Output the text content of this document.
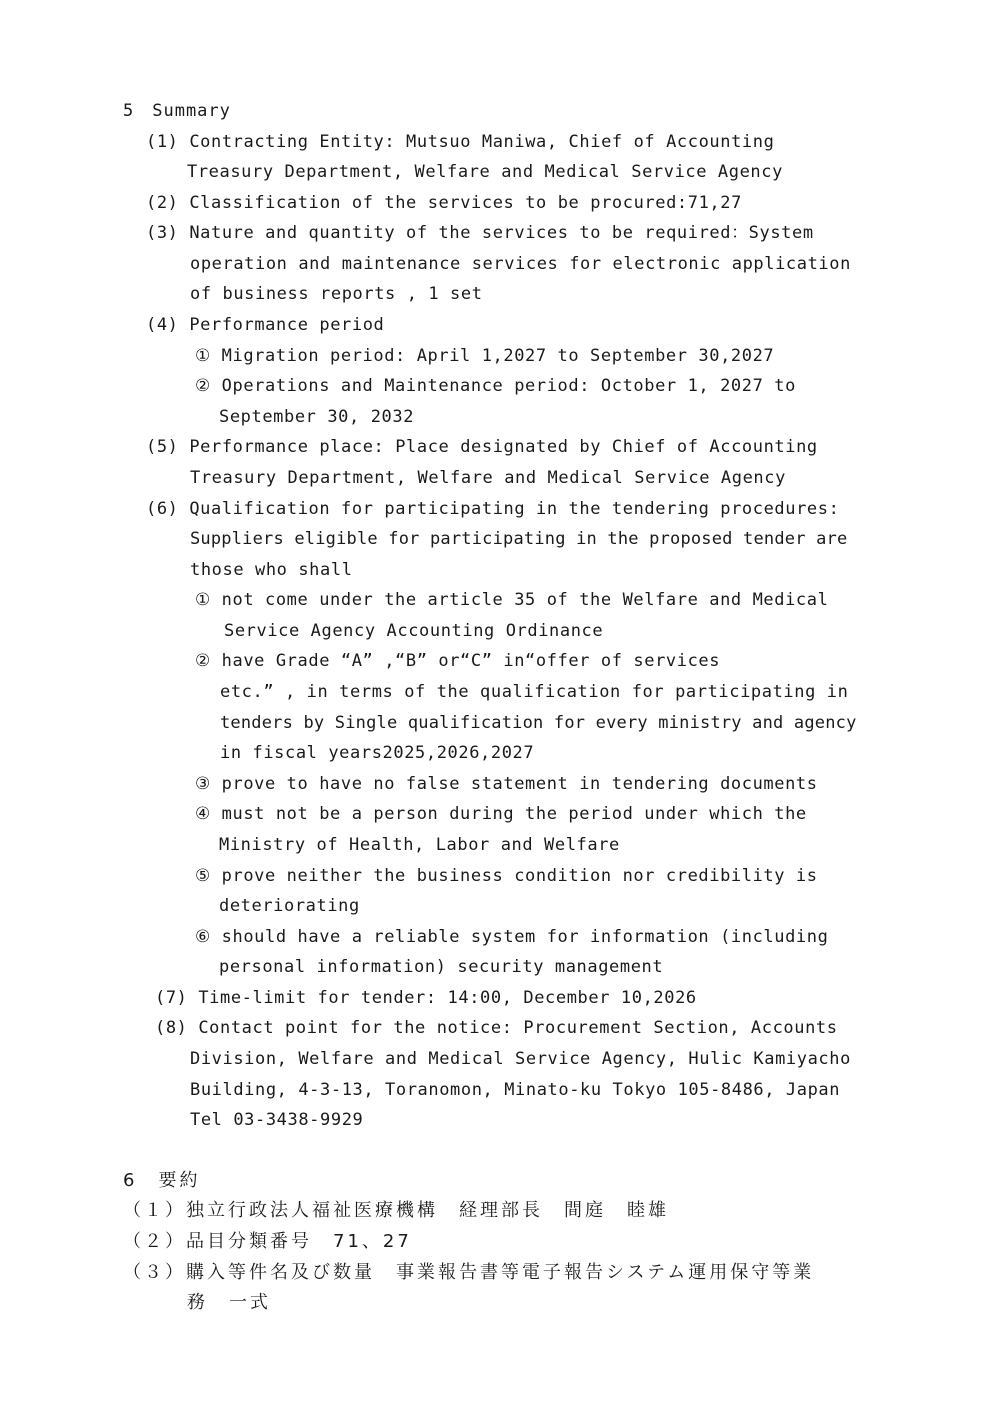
5　Summary
(1) Contracting Entity: Mutsuo Maniwa, Chief of Accounting
Treasury Department, Welfare and Medical Service Agency
(2) Classification of the services to be procured:71,27
(3) Nature and quantity of the services to be required：System
operation and maintenance services for electronic application
of business reports , 1 set
(4) Performance period
① Migration period: April 1,2027 to September 30,2027
② Operations and Maintenance period: October 1, 2027 to
September 30, 2032
(5) Performance place: Place designated by Chief of Accounting
Treasury Department, Welfare and Medical Service Agency
(6) Qualification for participating in the tendering procedures:
Suppliers eligible for participating in the proposed tender are
those who shall
① not come under the article 35 of the Welfare and Medical
Service Agency Accounting Ordinance
② have Grade “A” ,“B” or“C” in“offer of services
etc.” , in terms of the qualification for participating in
tenders by Single qualification for every ministry and agency
in fiscal years2025,2026,2027
③ prove to have no false statement in tendering documents
④ must not be a person during the period under which the
Ministry of Health, Labor and Welfare
⑤ prove neither the business condition nor credibility is
deteriorating
⑥ should have a reliable system for information (including
personal information) security management
(7) Time-limit for tender: 14:00, December 10,2026
(8) Contact point for the notice: Procurement Section, Accounts
Division, Welfare and Medical Service Agency, Hulic Kamiyacho
Building, 4-3-13, Toranomon, Minato-ku Tokyo 105-8486, Japan
Tel 03-3438-9929
6　要約
（１）独立行政法人福祉医療機構　経理部長　間庭　睦雄
（２）品目分類番号　71、27
（３）購入等件名及び数量　事業報告書等電子報告システム運用保守等業
務　一式
